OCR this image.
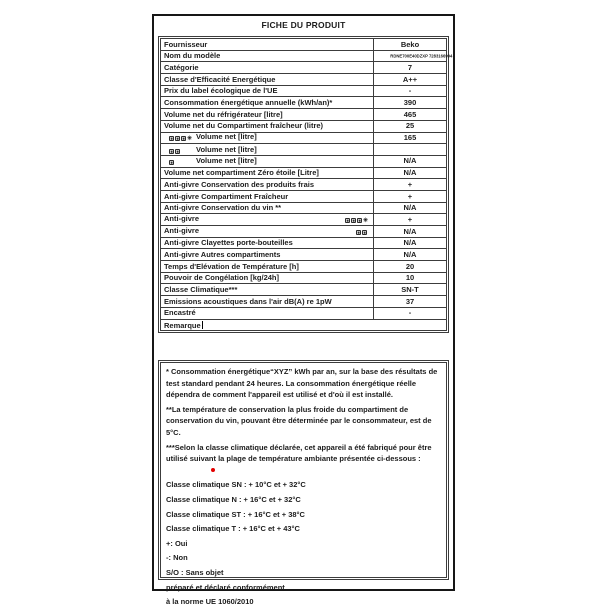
FICHE DU PRODUIT
Fournisseur	Beko
Nom du modèle	RDNE700E40DZXP 7283166994
Catégorie	7
Classe d'Efficacité Energétique	A++
Prix du label écologique de l'UE	-
Consommation énergétique annuelle (kWh/an)*	390
Volume net du réfrigérateur [litre]	465
Volume net du Compartiment fraîcheur (litre)	25
✳ ✳ ✳ ✳ Volume net [litre]	165
✳ ✳ Volume net [litre]	
✳ Volume net [litre]	N/A
Volume net compartiment Zéro étoile [Litre]	N/A
Anti-givre Conservation des produits frais	+
Anti-givre Compartiment Fraîcheur	+
Anti-givre Conservation du vin **	N/A
Anti-givre ✳ ✳ ✳ ✳	+
Anti-givre ✳ ✳	N/A
Anti-givre Clayettes porte-bouteilles	N/A
Anti-givre Autres compartiments	N/A
Temps d'Elévation de Température [h]	20
Pouvoir de Congélation [kg/24h]	10
Classe Climatique***	SN-T
Emissions acoustiques dans l'air dB(A) re 1pW	37
Encastré	-
Remarque	
* Consommation énergétique“XYZ” kWh par an, sur la base des résultats de test standard pendant 24 heures. La consommation énergétique réelle dépendra de comment l'appareil est utilisé et d'où il est installé.
**La température de conservation la plus froide du compartiment de conservation du vin, pouvant être déterminée par le consommateur, est de 5°C.
***Selon la classe climatique déclarée, cet appareil a été fabriqué pour être utilisé suivant la plage de température ambiante présentée ci-dessous :
Classe climatique SN : + 10°C et + 32°C
Classe climatique N : + 16°C et + 32°C
Classe climatique ST : + 16°C et + 38°C
Classe climatique T : + 16°C et + 43°C
+: Oui
-: Non
S/O : Sans objet
préparé et déclaré conformément
à la norme UE 1060/2010
